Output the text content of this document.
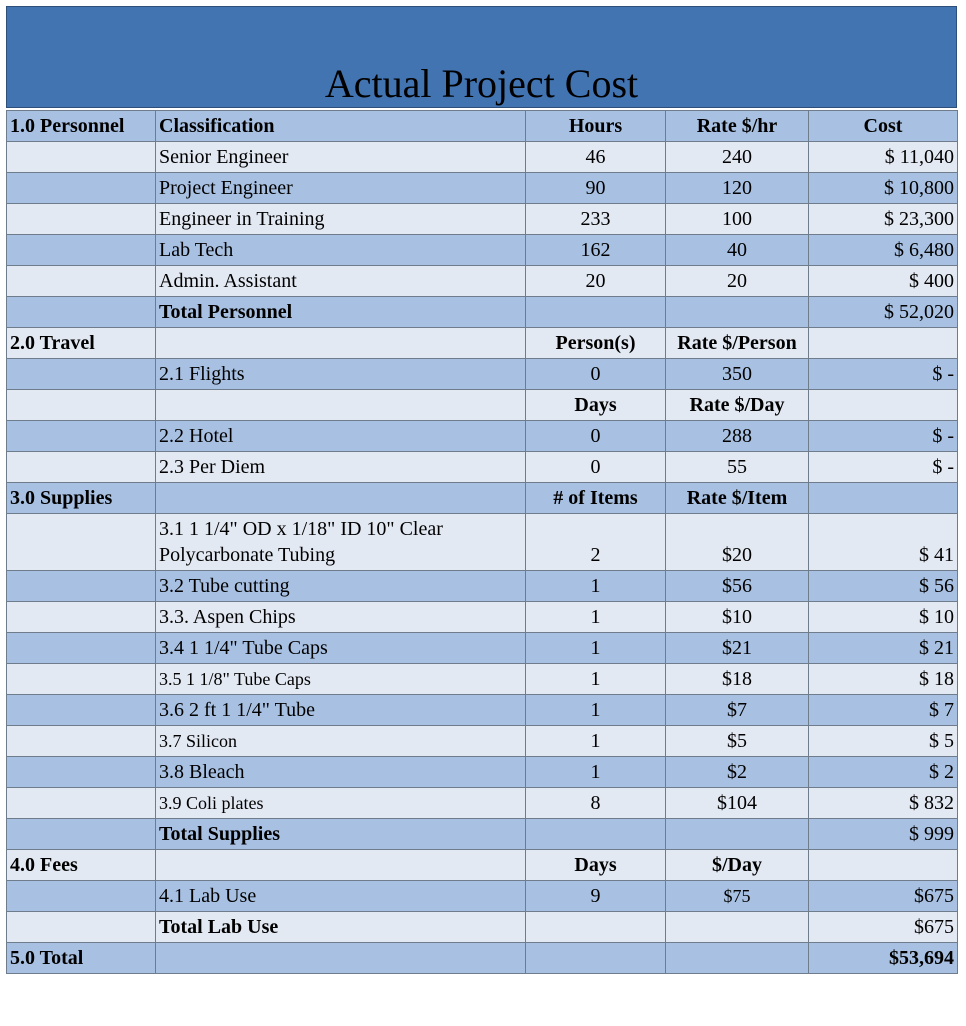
Actual Project Cost
1.0 Personnel	Classification	Hours	Rate $/hr	Cost
	Senior Engineer	46	240	$ 11,040
	Project Engineer	90	120	$ 10,800
	Engineer in Training	233	100	$ 23,300
	Lab Tech	162	40	$ 6,480
	Admin. Assistant	20	20	$ 400
	Total Personnel			$ 52,020
2.0 Travel		Person(s)	Rate $/Person	
	2.1 Flights	0	350	$ -
		Days	Rate $/Day	
	2.2 Hotel	0	288	$ -
	2.3 Per Diem	0	55	$ -
3.0 Supplies		# of Items	Rate $/Item	
	3.1 1 1/4" OD x 1/18" ID 10" Clear Polycarbonate Tubing	2	$20	$ 41
	3.2 Tube cutting	1	$56	$ 56
	3.3. Aspen Chips	1	$10	$ 10
	3.4 1 1/4" Tube Caps	1	$21	$ 21
	3.5 1 1/8" Tube Caps	1	$18	$ 18
	3.6 2 ft 1 1/4" Tube	1	$7	$ 7
	3.7 Silicon	1	$5	$ 5
	3.8 Bleach	1	$2	$ 2
	3.9 Coli plates	8	$104	$ 832
	Total Supplies			$ 999
4.0 Fees		Days	$/Day	
	4.1 Lab Use	9	$75	$675
	Total Lab Use			$675
5.0 Total				$53,694
